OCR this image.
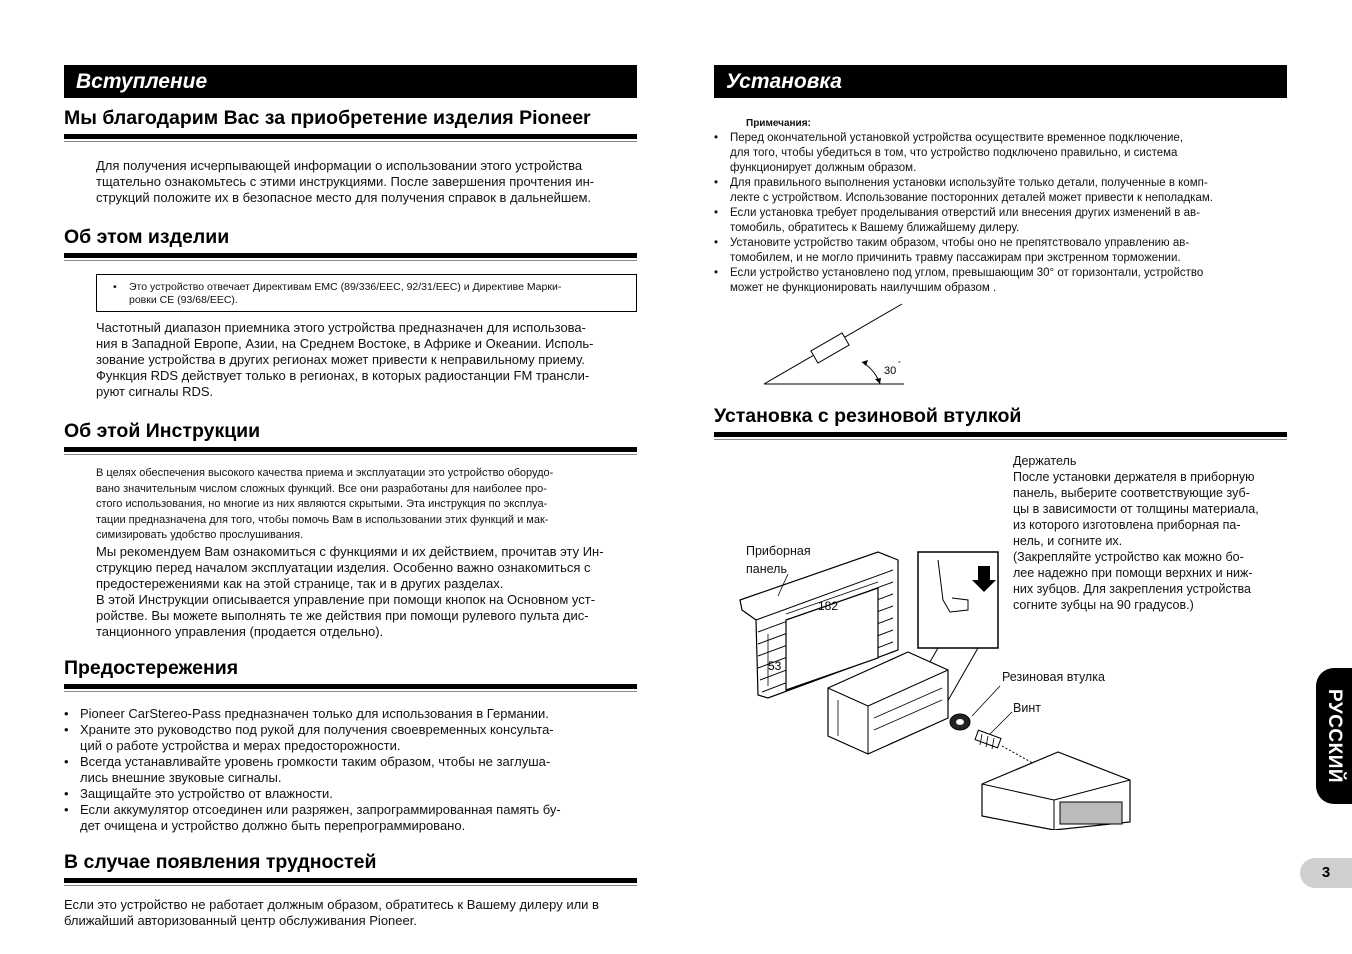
Вступление
Мы благодарим Вас за приобретение изделия Pioneer

Для получения исчерпывающей информации о использовании этого устройства

тщательно ознакомьтесь с этими инструкциями. После завершения прочтения ин-

струкций положите их в безопасное место для получения справок в дальнейшем.

Об этом изделии
• Это устройство отвечает Директивам EMC (89/336/EEC, 92/31/EEC) и Директиве Марки-
ровки CE (93/68/EEC).

Частотный диапазон приемника этого устройства предназначен для использова-

ния в Западной Европе, Азии, на Среднем Востоке, в Африке и Океании. Исполь-

зование устройства в других регионах может привести к неправильному приему.

Функция RDS действует только в регионах, в которых радиостанции FM трансли-

руют сигналы RDS.

Об этой Инструкции

В целях обеспечения высокого качества приема и эксплуатации это устройство оборудо-

вано значительным числом сложных функций. Все они разработаны для наиболее про-

стого использования, но многие из них являются скрытыми. Эта инструкция по эксплуа-

тации предназначена для того, чтобы помочь Вам в использовании этих функций и мак-

симизировать удобство прослушивания.

Мы рекомендуем Вам ознакомиться с функциями и их действием, прочитав эту Ин-

струкцию перед началом эксплуатации изделия. Особенно важно ознакомиться с

предостережениями как на этой странице, так и в других разделах.

В этой Инструкции описывается управление при помощи кнопок на Основном уст-

ройстве. Вы можете выполнять те же действия при помощи рулевого пульта дис-

танционного управления (продается отдельно).

Предостережения
• Pioneer CarStereo-Pass предназначен только для использования в Германии.
• Храните это руководство под рукой для получения своевременных консульта-
ций о работе устройства и мерах предосторожности.
• Всегда устанавливайте уровень громкости таким образом, чтобы не заглуша-
лись внешние звуковые сигналы.
• Защищайте это устройство от влажности.
• Если аккумулятор отсоединен или разряжен, запрограммированная память бу-
дет очищена и устройство должно быть перепрограммировано.
В случае появления трудностей

Если это устройство не работает должным образом, обратитесь к Вашему дилеру или в

ближайший авторизованный центр обслуживания Pioneer.

Установка
Примечания:
• Перед окончательной установкой устройства осуществите временное подключение,
для того, чтобы убедиться в том, что устройство подключено правильно, и система
функционирует должным образом.
• Для правильного выполнения установки используйте только детали, полученные в комп-
лекте с устройством. Использование посторонних деталей может привести к неполадкам.
• Если установка требует проделывания отверстий или внесения других изменений в ав-
томобиль, обратитесь к Вашему ближайшему дилеру.
• Установите устройство таким образом, чтобы оно не препятствовало управлению ав-
томобилем, и не могло причинить травму пассажирам при экстренном торможении.
• Если устройство установлено под углом, превышающим 30° от горизонтали, устройство
может не функционировать наилучшим образом .
Установка с резиновой втулкой
30
°
182
53
Держатель
После установки держателя в приборную
панель, выберите соответствующие зуб-
цы в зависимости от толщины материала,
из которого изготовлена приборная па-
нель, и согните их.
(Закрепляйте устройство как можно бо-
лее надежно при помощи верхних и ниж-
них зубцов. Для закрепления устройства
согните зубцы на 90 градусов.)
Приборная
панель
Резиновая втулка
Винт	РУССКИЙ
3
